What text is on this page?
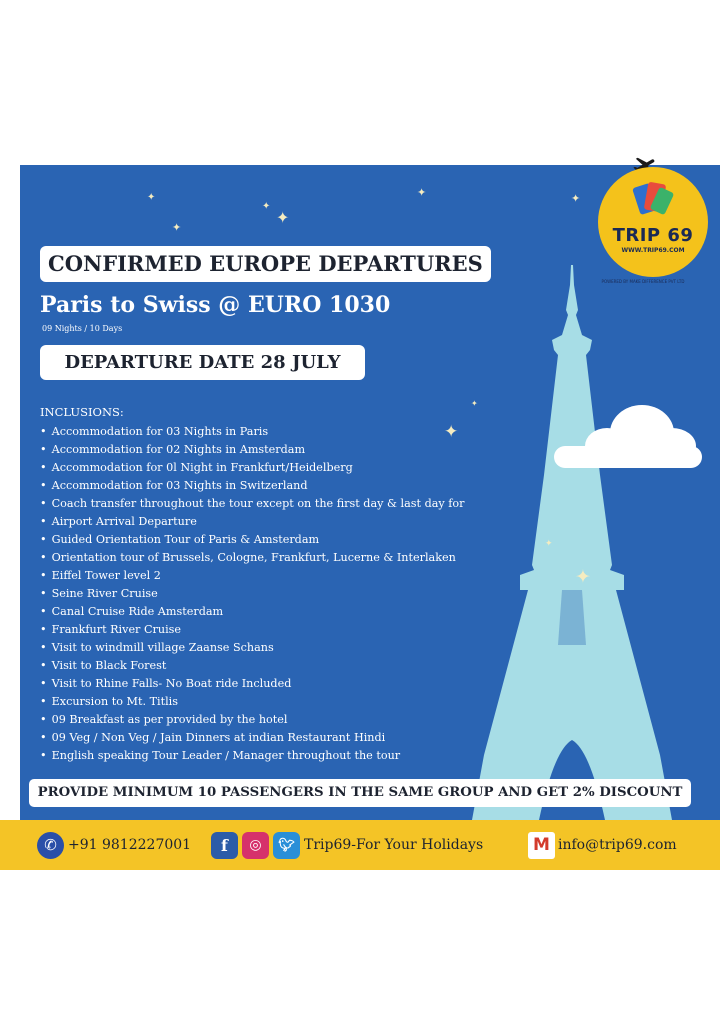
✦
✦
✦
✦
✦	✦
✦
✦
✦
✦
TRIP 69
WWW.TRIP69.COM
POWERED BY MAKE DIFFERENCE PVT LTD
CONFIRMED EUROPE DEPARTURES
Paris to Swiss @ EURO 1030
09 Nights / 10 Days
DEPARTURE DATE 28 JULY
INCLUSIONS:
• Accommodation for 03 Nights in Paris
• Accommodation for 02 Nights in Amsterdam
• Accommodation for 0l Night in Frankfurt/Heidelberg
• Accommodation for 03 Nights in Switzerland
• Coach transfer throughout the tour except on the first day & last day for
• Airport Arrival Departure
• Guided Orientation Tour of Paris & Amsterdam
• Orientation tour of Brussels, Cologne, Frankfurt, Lucerne & Interlaken
• Eiffel Tower level 2
• Seine River Cruise
• Canal Cruise Ride Amsterdam
• Frankfurt River Cruise
• Visit to windmill village Zaanse Schans
• Visit to Black Forest
• Visit to Rhine Falls- No Boat ride Included
• Excursion to Mt. Titlis
• 09 Breakfast as per provided by the hotel
• 09 Veg / Non Veg / Jain Dinners at indian Restaurant Hindi
• English speaking Tour Leader / Manager throughout the tour
PROVIDE MINIMUM 10 PASSENGERS IN THE SAME GROUP AND GET 2% DISCOUNT
✆ +91 9812227001	f	◎	🐦︎ Trip69-For Your Holidays	M info@trip69.com
